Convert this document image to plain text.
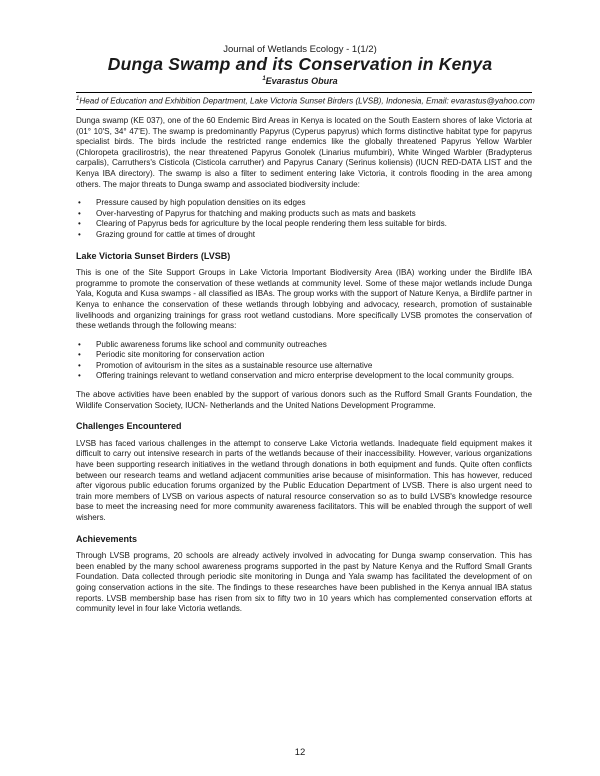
Journal of Wetlands Ecology - 1(1/2)
Dunga Swamp and its Conservation in Kenya
$^1$Evarastus Obura
$^1$Head of Education and Exhibition Department, Lake Victoria Sunset Birders (LVSB), Indonesia, Email: evarastus@yahoo.com

Dunga swamp (KE 037), one of the 60 Endemic Bird Areas in Kenya is located on the South Eastern shores of lake Victoria at (01° 10'S, 34° 47'E). The swamp is predominantly Papyrus (Cyperus papyrus) which forms distinctive habitat type for papyrus specialist birds. The birds include the restricted range endemics like the globally threatened Papyrus Yellow Warbler (Chloropeta gracilirostris), the near threatened Papyrus Gonolek (Linarius mufumbiri), White Winged Warbler (Bradypterus carpalis), Carruthers's Cisticola (Cisticola carruther) and Papyrus Canary (Serinus koliensis) (IUCN RED-DATA LIST and the Kenya IBA directory). The swamp is also a filter to sediment entering lake Victoria, it controls flooding in the area among others. The major threats to Dunga swamp and associated biodiversity include:

• Pressure caused by high population densities on its edges
• Over-harvesting of Papyrus for thatching and making products such as mats and baskets
• Clearing of Papyrus beds for agriculture by the local people rendering them less suitable for birds.
• Grazing ground for cattle at times of drought
Lake Victoria Sunset Birders (LVSB)

This is one of the Site Support Groups in Lake Victoria Important Biodiversity Area (IBA) working under the Birdlife IBA programme to promote the conservation of these wetlands at community level. Some of these major wetlands include Dunga Yala, Koguta and Kusa swamps - all classified as IBAs. The group works with the support of Nature Kenya, a Birdlife partner in Kenya to enhance the conservation of these wetlands through lobbying and advocacy, research, promotion of sustainable livelihoods and organizing trainings for grass root wetland custodians. More specifically LVSB promotes the conservation of these wetlands through the following means:

• Public awareness forums like school and community outreaches
• Periodic site monitoring for conservation action
• Promotion of avitourism in the sites as a sustainable resource use alternative
• Offering trainings relevant to wetland conservation and micro enterprise development to the local community groups.

The above activities have been enabled by the support of various donors such as the Rufford Small Grants Foundation, the Wildlife Conservation Society, IUCN- Netherlands and the United Nations Development Programme.

Challenges Encountered

LVSB has faced various challenges in the attempt to conserve Lake Victoria wetlands. Inadequate field equipment makes it difficult to carry out intensive research in parts of the wetlands because of their inaccessibility. However, various organizations have been supporting research initiatives in the wetland through donations in both equipment and funds. Quite often conflicts between our research teams and wetland adjacent communities arise because of misinformation. This has however, reduced after vigorous public education forums organized by the Public Education Department of LVSB. There is also urgent need to train more members of LVSB on various aspects of natural resource conservation so as to build LVSB's knowledge resource base to meet the increasing need for more community awareness facilitators. This will be enabled through the support of well wishers.

Achievements

Through LVSB programs, 20 schools are already actively involved in advocating for Dunga swamp conservation. This has been enabled by the many school awareness programs supported in the past by Nature Kenya and the Rufford Small Grants Foundation. Data collected through periodic site monitoring in Dunga and Yala swamp has facilitated the development of on going conservation actions in the site. The findings to these researches have been published in the Kenya annual IBA status reports. LVSB membership base has risen from six to fifty two in 10 years which has complemented conservation efforts at community level in four lake Victoria wetlands.

12
